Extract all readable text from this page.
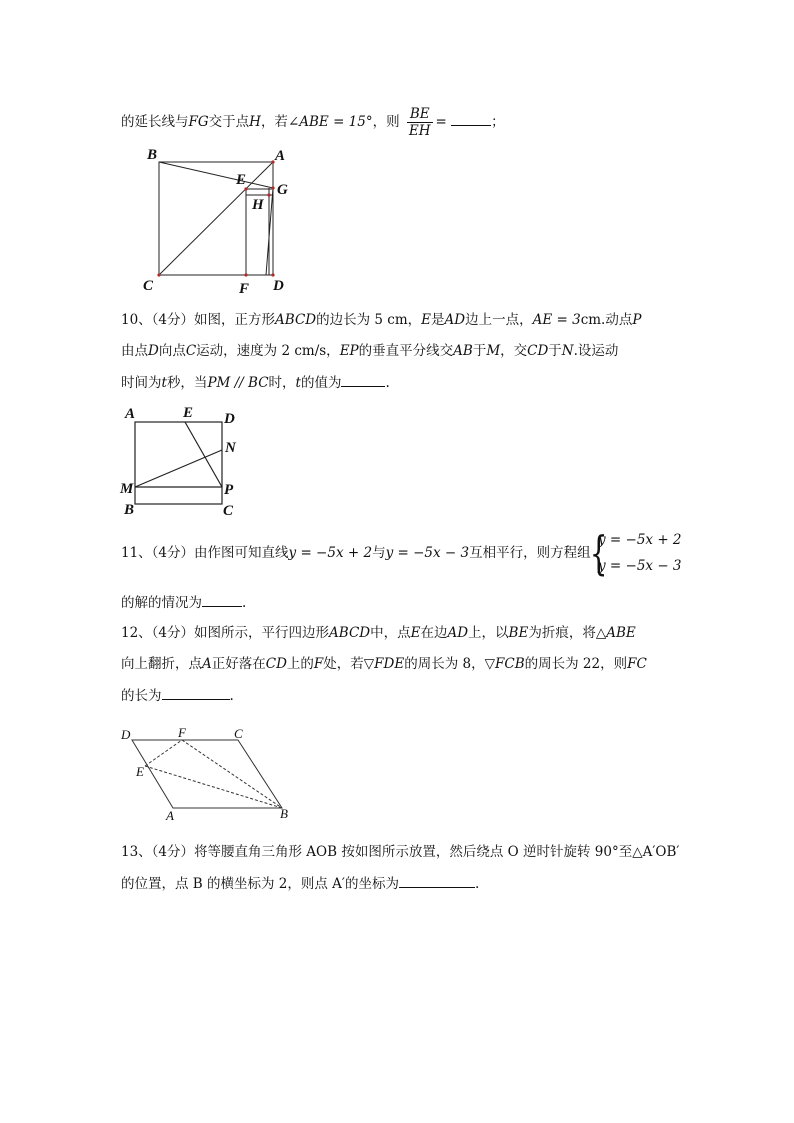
的延长线与FG交于点H，若∠ABE = 15°，则 $\frac{BE}{EH}$ =	；
B	A
E
G
H
C	F D
10、（4分）如图，正方形ABCD的边长为 5 cm，E是AD边上一点，AE = 3cm.动点P
由点D向点C运动，速度为 2 cm/s，EP的垂直平分线交AB于M，交CD于N.设运动
时间为t秒，当PM // BC时，t的值为	.
A	E D
N
M	P
B	C
11、（4分）由作图可知直线y = −5x + 2与y = −5x − 3互相平行，则方程组 {
y = −5x + 2
y = −5x − 3
的解的情况为	.
12、（4分）如图所示，平行四边形ABCD中，点E在边AD上，以BE为折痕，将△ABE
向上翻折，点A正好落在CD上的F处，若▽FDE的周长为 8，▽FCB的周长为 22，则FC
的长为	.
D	F	C
E
A	B
13、（4分）将等腰直角三角形 AOB 按如图所示放置，然后绕点 O 逆时针旋转 90°至△A′OB′
的位置，点 B 的横坐标为 2，则点 A′的坐标为	.
